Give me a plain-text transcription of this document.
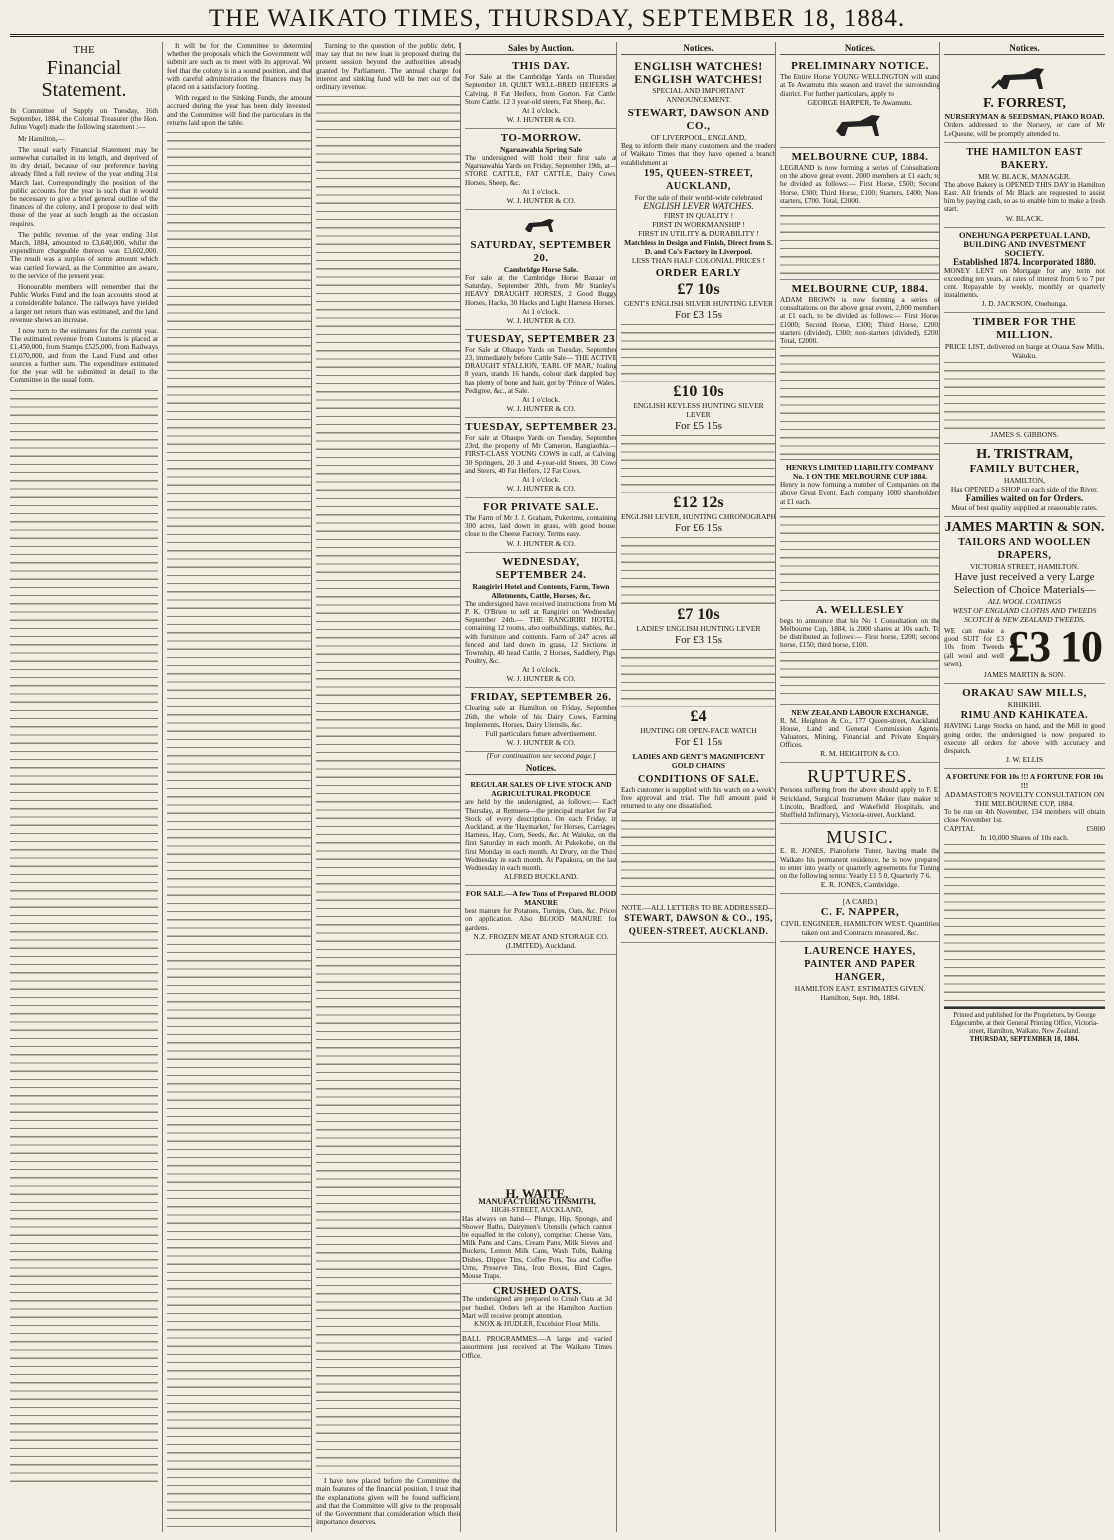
THE WAIKATO TIMES, THURSDAY, SEPTEMBER 18, 1884.
THE
Financial Statement.

In Committee of Supply on Tuesday, 16th September, 1884, the Colonial Treasurer (the Hon. Julius Vogel) made the following statement :—

Mr Hamilton,—

The usual early Financial Statement may be somewhat curtailed in its length, and deprived of its dry detail, because of our preference having already filed a full review of the year ending 31st March last. Correspondingly the position of the public accounts for the year is such that it would be necessary to give a brief general outline of the finances of the colony, and I propose to deal with those of the year at such length as the occasion requires.

The public revenue of the year ending 31st March, 1884, amounted to £3,640,000, whilst the expenditure chargeable thereon was £3,602,000. The result was a surplus of some amount which was carried forward, as the Committee are aware, to the service of the present year.

Honourable members will remember that the Public Works Fund and the loan accounts stood at a considerable balance. The railways have yielded a larger net return than was estimated, and the land revenue shows an increase.

I now turn to the estimates for the current year. The estimated revenue from Customs is placed at £1,450,000, from Stamps £525,000, from Railways £1,070,000, and from the Land Fund and other sources a further sum. The expenditure estimated for the year will be submitted in detail to the Committee in the usual form.

It will be for the Committee to determine whether the proposals which the Government will submit are such as to meet with its approval. We feel that the colony is in a sound position, and that with careful administration the finances may be placed on a satisfactory footing.

With regard to the Sinking Funds, the amount accrued during the year has been duly invested, and the Committee will find the particulars in the returns laid upon the table.

Turning to the question of the public debt, I may say that no new loan is proposed during the present session beyond the authorities already granted by Parliament. The annual charge for interest and sinking fund will be met out of the ordinary revenue.

I have now placed before the Committee the main features of the financial position. I trust that the explanations given will be found sufficient, and that the Committee will give to the proposals of the Government that consideration which their importance deserves.

Sales by Auction.
THIS DAY.
For Sale at the Cambridge Yards on Thursday, September 18. QUIET WELL-BRED HEIFERS at Calving. 8 Fat Heifers, from Gorton. Fat Cattle, Store Cattle. 12 3 year-old steers, Fat Sheep, &c.
At 1 o'clock.
W. J. HUNTER & CO.
TO-MORROW.
Ngaruawahia Spring Sale
The undersigned will hold their first sale at Ngaruawahia Yards on Friday, September 19th, at— STORE CATTLE, FAT CATTLE, Dairy Cows, Horses, Sheep, &c.
At 1 o'clock.
W. J. HUNTER & CO.
SATURDAY, SEPTEMBER 20.
Cambridge Horse Sale.
For sale at the Cambridge Horse Bazaar on Saturday, September 20th, from Mr Stanley's. HEAVY DRAUGHT HORSES, 2 Good Buggy Horses, Hacks, 30 Hacks and Light Harness Horses.
At 1 o'clock.
W. J. HUNTER & CO.
TUESDAY, SEPTEMBER 23
For Sale at Ohaupo Yards on Tuesday, September 23, immediately before Cattle Sale— THE ACTIVE DRAUGHT STALLION, 'EARL OF MAR,' foaling 8 years, stands 16 hands, colour dark dappled bay, has plenty of bone and hair, got by 'Prince of Wales.' Pedigree, &c., at Sale.
At 1 o'clock.
W. J. HUNTER & CO.
TUESDAY, SEPTEMBER 23.
For sale at Ohaupo Yards on Tuesday, September 23rd, the property of Mr Cameron, Rangiaohia.— FIRST-CLASS YOUNG COWS in calf, at Calving. 30 Springers, 20 3 and 4-year-old Steers, 30 Cows and Steers, 40 Fat Heifers, 12 Fat Cows.
At 1 o'clock.
W. J. HUNTER & CO.
FOR PRIVATE SALE.
The Farm of Mr J. J. Graham, Pukerimu, containing 300 acres, laid down in grass, with good house, close to the Cheese Factory. Terms easy.
W. J. HUNTER & CO.
WEDNESDAY, SEPTEMBER 24.
Rangiriri Hotel and Contents, Farm, Town Allotments, Cattle, Horses, &c.
The undersigned have received instructions from Mr P. K. O'Brien to sell at Rangiriri on Wednesday, September 24th.— THE RANGIRIRI HOTEL, containing 12 rooms, also outbuildings, stables, &c., with furniture and contents. Farm of 247 acres all fenced and laid down in grass, 12 Sections in Township, 40 head Cattle, 2 Horses, Saddlery, Pigs, Poultry, &c.
At 1 o'clock.
W. J. HUNTER & CO.
FRIDAY, SEPTEMBER 26.
Clearing sale at Hamilton on Friday, September 26th, the whole of his Dairy Cows, Farming Implements, Horses, Dairy Utensils, &c.
Full particulars future advertisement.
W. J. HUNTER & CO.
[For continuation see second page.]
Notices.
REGULAR SALES OF LIVE STOCK AND AGRICULTURAL PRODUCE
are held by the undersigned, as follows:— Each Thursday, at Remuera—the principal market for Fat Stock of every description. On each Friday, in Auckland, at the 'Haymarket,' for Horses, Carriages, Harness, Hay, Corn, Seeds, &c. At Waiuku, on the first Saturday in each month. At Pukekohe, on the first Monday in each month. At Drury, on the Third Wednesday in each month. At Papakura, on the last Wednesday in each month.
ALFRED BUCKLAND.
FOR SALE.—A few Tons of Prepared BLOOD MANURE
best manure for Potatoes, Turnips, Oats, &c. Prices on application. Also BLOOD MANURE for gardens.
N.Z. FROZEN MEAT AND STORAGE CO. (LIMITED), Auckland.
Notices.
ENGLISH WATCHES! ENGLISH WATCHES!
SPECIAL AND IMPORTANT ANNOUNCEMENT.
STEWART, DAWSON AND CO.,
OF LIVERPOOL, ENGLAND,
Beg to inform their many customers and the readers of Waikato Times that they have opened a branch establishment at
195, QUEEN-STREET, AUCKLAND,
For the sale of their world-wide celebrated
ENGLISH LEVER WATCHES.
FIRST IN QUALITY !
FIRST IN WORKMANSHIP !
FIRST IN UTILITY & DURABILITY !
Matchless in Design and Finish, Direct from S. D. and Co's Factory in Liverpool.
LESS THAN HALF COLONIAL PRICES !
ORDER EARLY
£7 10s
GENT'S ENGLISH SILVER HUNTING LEVER
For £3 15s
£10 10s
ENGLISH KEYLESS HUNTING SILVER LEVER
For £5 15s
£12 12s
ENGLISH LEVER, HUNTING CHRONOGRAPH
For £6 15s
£7 10s
LADIES' ENGLISH HUNTING LEVER
For £3 15s
£4
HUNTING OR OPEN-FACE WATCH
For £1 15s
LADIES AND GENT'S MAGNIFICENT GOLD CHAINS
CONDITIONS OF SALE.
Each customer is supplied with his watch on a week's free approval and trial. The full amount paid is returned to any one dissatisfied.
NOTE.—ALL LETTERS TO BE ADDRESSED—
STEWART, DAWSON & CO., 195, QUEEN-STREET, AUCKLAND.
Notices.
PRELIMINARY NOTICE.
The Entire Horse YOUNG WELLINGTON will stand at Te Awamutu this season and travel the surrounding district. For further particulars, apply to
GEORGE HARPER, Te Awamutu.
MELBOURNE CUP, 1884.
LEGRAND is now forming a series of Consultations on the above great event. 2000 members at £1 each, to be divided as follows:— First Horse, £500; Second Horse, £300; Third Horse, £100; Starters, £400; Non-starters, £700. Total, £2000.
MELBOURNE CUP, 1884.
ADAM BROWN is now forming a series of consultations on the above great event, 2,000 members at £1 each, to be divided as follows:— First Horse, £1000; Second Horse, £300; Third Horse, £200; starters (divided), £300; non-starters (divided), £200. Total, £2000.
HENRYS LIMITED LIABILITY COMPANY No. 1 ON THE MELBOURNE CUP 1884.
Henry is now forming a number of Companies on the above Great Event. Each company 1000 shareholders at £1 each.
A. WELLESLEY
begs to announce that his No 1 Consultation on the Melbourne Cup, 1884, is 2000 shares at 10s each. To be distributed as follows:— First horse, £200; second horse, £150; third horse, £100.
NEW ZEALAND LABOUR EXCHANGE.
R. M. Heighton & Co., 177 Queen-street, Auckland, House, Land and General Commission Agents, Valuators, Mining, Financial and Private Enquiry Offices.
R. M. HEIGHTON & CO.
RUPTURES.
Persons suffering from the above should apply to F. E. Strickland, Surgical Instrument Maker (late maker to Lincoln, Bradford, and Wakefield Hospitals, and Sheffield Infirmary), Victoria-street, Auckland.
MUSIC.
E. R. JONES, Pianoforte Tuner, having made the Waikato his permanent residence, he is now prepared to enter into yearly or quarterly agreements for Tuning on the following terms: Yearly £1 5 0, Quarterly 7 6.
E. R. JONES, Cambridge.
[A CARD.]
C. F. NAPPER,
CIVIL ENGINEER, HAMILTON WEST. Quantities taken out and Contracts measured, &c.
LAURENCE HAYES,
PAINTER AND PAPER HANGER,
HAMILTON EAST. ESTIMATES GIVEN.
Hamilton, Sept. 8th, 1884.
Notices.
F. FORREST,
NURSERYMAN & SEEDSMAN, PIAKO ROAD.
Orders addressed to the Nursery, or care of Mr LeQuesne, will be promptly attended to.
THE HAMILTON EAST BAKERY.
MR W. BLACK, MANAGER.
The above Bakery is OPENED THIS DAY in Hamilton East. All friends of Mr Black are requested to assist him by paying cash, so as to enable him to make a fresh start.
W. BLACK.
ONEHUNGA PERPETUAL LAND, BUILDING AND INVESTMENT SOCIETY.
Established 1874. Incorporated 1880.
MONEY LENT on Mortgage for any term not exceeding ten years, at rates of interest from 6 to 7 per cent. Repayable by weekly, monthly or quarterly instalments.
J. D. JACKSON, Onehunga.
TIMBER FOR THE MILLION.
PRICE LIST, delivered on barge at Otaua Saw Mills, Waiuku.
JAMES S. GIBBONS.
H. TRISTRAM,
FAMILY BUTCHER,
HAMILTON,
Has OPENED a SHOP on each side of the River.
Families waited on for Orders.
Meat of best quality supplied at reasonable rates.
JAMES MARTIN & SON.
TAILORS AND WOOLLEN DRAPERS,
VICTORIA STREET, HAMILTON.
Have just received a very Large Selection of Choice Materials—
ALL WOOL COATINGS
WEST OF ENGLAND CLOTHS AND TWEEDS
SCOTCH & NEW ZEALAND TWEEDS.
WE can make a good SUIT for £3 10s from Tweeds (all wool and well sewn).	£3 10
JAMES MARTIN & SON.
ORAKAU SAW MILLS,
KIHIKIHI.
RIMU AND KAHIKATEA.
HAVING Large Stocks on hand, and the Mill in good going order, the undersigned is now prepared to execute all orders for above with accuracy and despatch.
J. W. ELLIS
A FORTUNE FOR 10s !!! A FORTUNE FOR 10s !!!
ADAMASTOR'S NOVELTY CONSULTATION ON THE MELBOURNE CUP, 1884.
To be run on 4th November, 134 members will obtain close November 1st.
CAPITAL	£5000
In 10,000 Shares of 10s each.
Printed and published for the Proprietors, by George Edgecumbe, at their General Printing Office, Victoria-street, Hamilton, Waikato, New Zealand.
THURSDAY, SEPTEMBER 18, 1884.
H. WAITE,
MANUFACTURING TINSMITH,
HIGH-STREET, AUCKLAND,
Has always on hand— Plunge, Hip, Sponge, and Shower Baths, Dairymen's Utensils (which cannot be equalled in the colony), comprise: Cheese Vats, Milk Pans and Cans, Cream Pans, Milk Sieves and Buckets, Lemon Milk Cans, Wash Tubs, Baking Dishes, Dipper Tins, Coffee Pots, Tea and Coffee Urns, Preserve Tins, Iron Boxes, Bird Cages, Mouse Traps.
CRUSHED OATS.
The undersigned are prepared to Crush Oats at 3d per bushel. Orders left at the Hamilton Auction Mart will receive prompt attention.
KNOX & HUDLER, Excelsior Flour Mills.
BALL PROGRAMMES.—A large and varied assortment just received at The Waikato Times Office.
